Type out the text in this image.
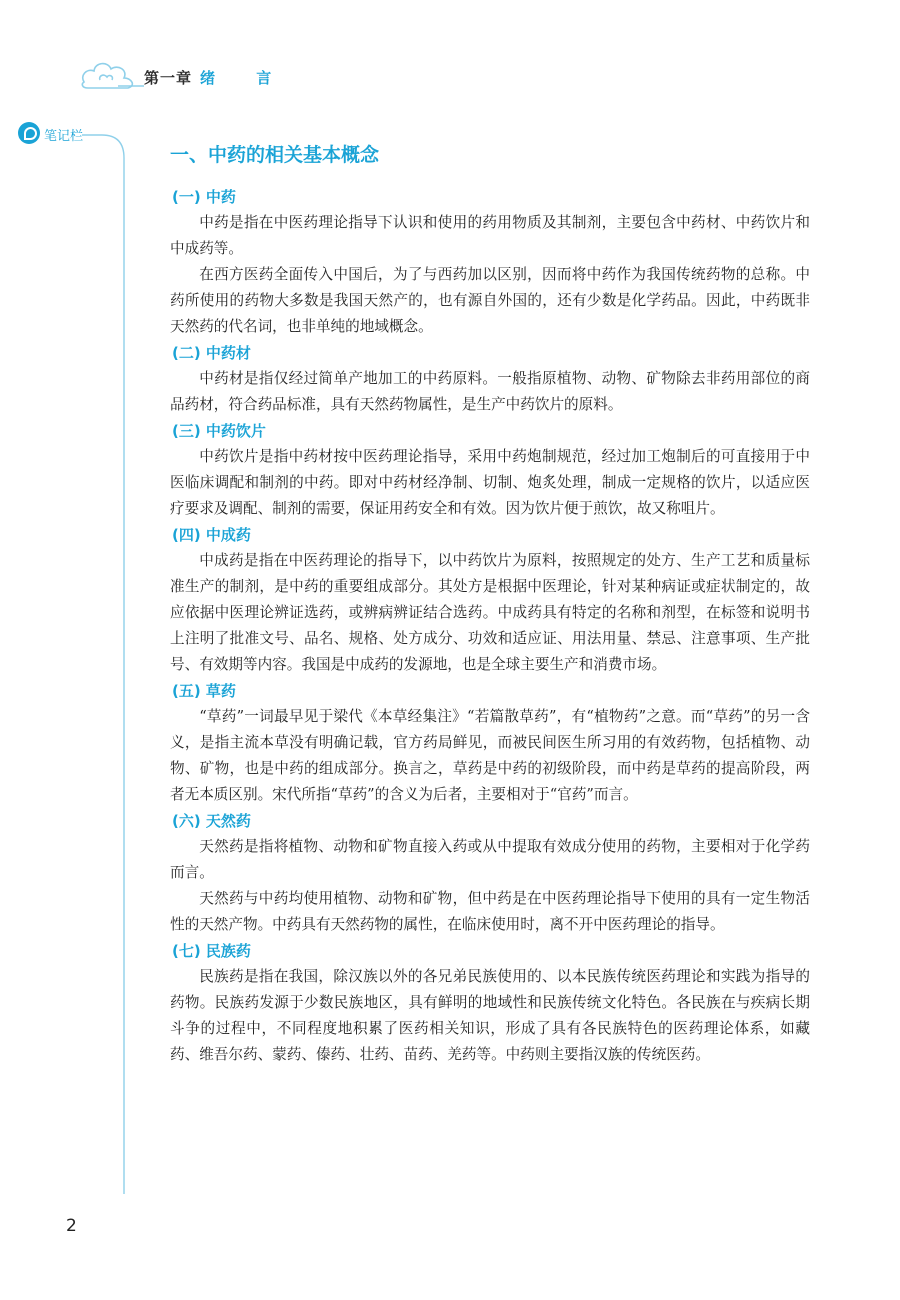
第一章 绪 言
笔记栏
一、中药的相关基本概念
(一) 中药

中药是指在中医药理论指导下认识和使用的药用物质及其制剂，主要包含中药材、中药饮片和中成药等。

在西方医药全面传入中国后，为了与西药加以区别，因而将中药作为我国传统药物的总称。中药所使用的药物大多数是我国天然产的，也有源自外国的，还有少数是化学药品。因此，中药既非天然药的代名词，也非单纯的地域概念。

(二) 中药材

中药材是指仅经过简单产地加工的中药原料。一般指原植物、动物、矿物除去非药用部位的商品药材，符合药品标准，具有天然药物属性，是生产中药饮片的原料。

(三) 中药饮片

中药饮片是指中药材按中医药理论指导，采用中药炮制规范，经过加工炮制后的可直接用于中医临床调配和制剂的中药。即对中药材经净制、切制、炮炙处理，制成一定规格的饮片，以适应医疗要求及调配、制剂的需要，保证用药安全和有效。因为饮片便于煎饮，故又称咀片。

(四) 中成药

中成药是指在中医药理论的指导下，以中药饮片为原料，按照规定的处方、生产工艺和质量标准生产的制剂，是中药的重要组成部分。其处方是根据中医理论，针对某种病证或症状制定的，故应依据中医理论辨证选药，或辨病辨证结合选药。中成药具有特定的名称和剂型，在标签和说明书上注明了批准文号、品名、规格、处方成分、功效和适应证、用法用量、禁忌、注意事项、生产批号、有效期等内容。我国是中成药的发源地，也是全球主要生产和消费市场。

(五) 草药

“草药”一词最早见于梁代《本草经集注》“若篇散草药”，有“植物药”之意。而“草药”的另一含义，是指主流本草没有明确记载，官方药局鲜见，而被民间医生所习用的有效药物，包括植物、动物、矿物，也是中药的组成部分。换言之，草药是中药的初级阶段，而中药是草药的提高阶段，两者无本质区别。宋代所指“草药”的含义为后者，主要相对于“官药”而言。

(六) 天然药

天然药是指将植物、动物和矿物直接入药或从中提取有效成分使用的药物，主要相对于化学药而言。

天然药与中药均使用植物、动物和矿物，但中药是在中医药理论指导下使用的具有一定生物活性的天然产物。中药具有天然药物的属性，在临床使用时，离不开中医药理论的指导。

(七) 民族药

民族药是指在我国，除汉族以外的各兄弟民族使用的、以本民族传统医药理论和实践为指导的药物。民族药发源于少数民族地区，具有鲜明的地域性和民族传统文化特色。各民族在与疾病长期斗争的过程中，不同程度地积累了医药相关知识，形成了具有各民族特色的医药理论体系，如藏药、维吾尔药、蒙药、傣药、壮药、苗药、羌药等。中药则主要指汉族的传统医药。

2
